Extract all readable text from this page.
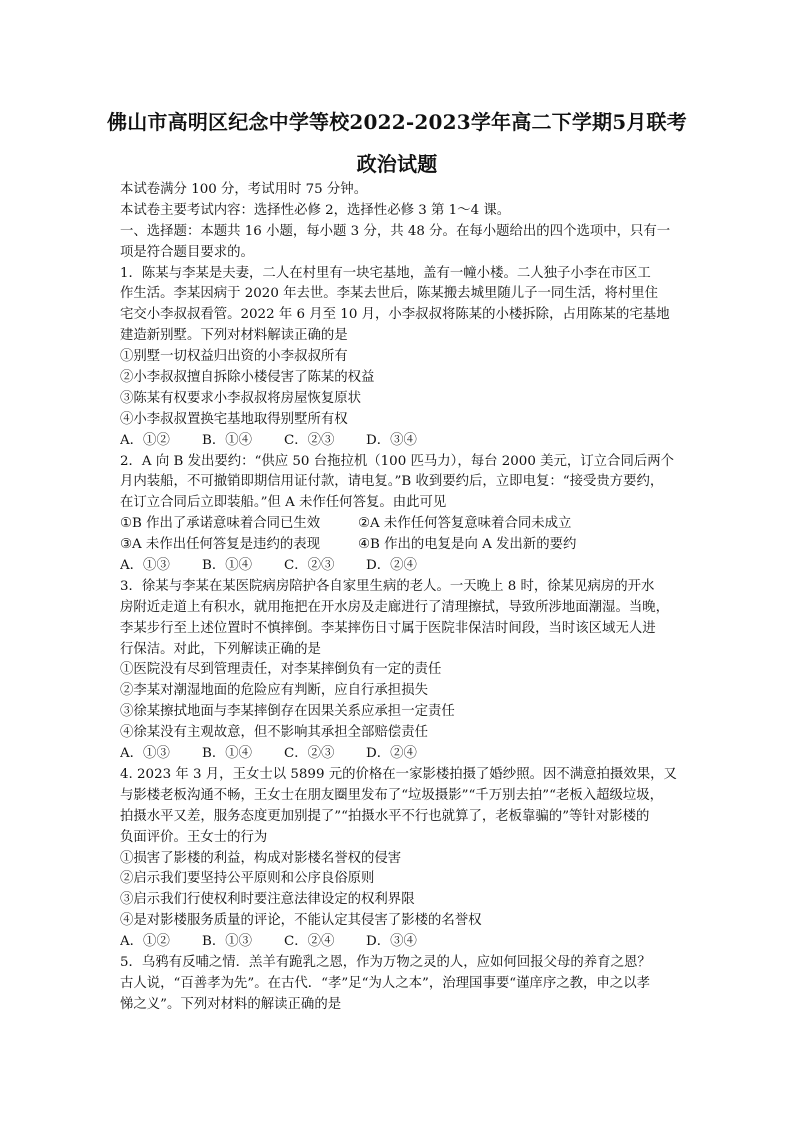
佛山市高明区纪念中学等校2022-2023学年高二下学期5月联考
政治试题
本试卷满分 100 分，考试用时 75 分钟。
本试卷主要考试内容：选择性必修 2，选择性必修 3 第 1～4 课。
一、选择题：本题共 16 小题，每小题 3 分，共 48 分。在每小题给出的四个选项中，只有一
项是符合题目要求的。
1．陈某与李某是夫妻，二人在村里有一块宅基地，盖有一幢小楼。二人独子小李在市区工
作生活。李某因病于 2020 年去世。李某去世后，陈某搬去城里随儿子一同生活，将村里住
宅交小李叔叔看管。2022 年 6 月至 10 月，小李叔叔将陈某的小楼拆除，占用陈某的宅基地
建造新别墅。下列对材料解读正确的是
①别墅一切权益归出资的小李叔叔所有
②小李叔叔擅自拆除小楼侵害了陈某的权益
③陈某有权要求小李叔叔将房屋恢复原状
④小李叔叔置换宅基地取得别墅所有权
A．①②	B．①④	C．②③	D．③④
2．A 向 B 发出要约：“供应 50 台拖拉机（100 匹马力），每台 2000 美元，订立合同后两个
月内装船，不可撤销即期信用证付款，请电复。”B 收到要约后，立即电复：“接受贵方要约，
在订立合同后立即装船。”但 A 未作任何答复。由此可见
①B 作出了承诺意味着合同已生效	②A 未作任何答复意味着合同未成立
③A 未作出任何答复是违约的表现	④B 作出的电复是向 A 发出新的要约
A．①③	B．①④	C．②③	D．②④
3．徐某与李某在某医院病房陪护各自家里生病的老人。一天晚上 8 时，徐某见病房的开水
房附近走道上有积水，就用拖把在开水房及走廊进行了清理擦拭，导致所涉地面潮湿。当晚，
李某步行至上述位置时不慎摔倒。李某摔伤日寸属于医院非保洁时间段，当时该区域无人进
行保洁。对此，下列解读正确的是
①医院没有尽到管理责任，对李某摔倒负有一定的责任
②李某对潮湿地面的危险应有判断，应自行承担损失
③徐某擦拭地面与李某摔倒存在因果关系应承担一定责任
④徐某没有主观故意，但不影响其承担全部赔偿责任
A．①③	B．①④	C．②③	D．②④
4. 2023 年 3 月，王女士以 5899 元的价格在一家影楼拍摄了婚纱照。因不满意拍摄效果，又
与影楼老板沟通不畅，王女士在朋友圈里发布了“垃圾摄影”“千万别去拍”“老板入超级垃圾，
拍摄水平又差，服务态度更加别提了”“拍摄水平不行也就算了，老板靠骗的”等针对影楼的
负面评价。王女士的行为
①损害了影楼的利益，构成对影楼名誉权的侵害
②启示我们要坚持公平原则和公序良俗原则
③启示我们行使权利时要注意法律设定的权利界限
④是对影楼服务质量的评论，不能认定其侵害了影楼的名誉权
A．①②	B．①③	C．②④	D．③④
5．乌鸦有反哺之情．羔羊有跪乳之恩，作为万物之灵的人，应如何回报父母的养育之恩？
古人说，“百善孝为先”。在古代．“孝”足“为人之本”，治理国事要“谨庠序之教，申之以孝
悌之义”。下列对材料的解读正确的是
